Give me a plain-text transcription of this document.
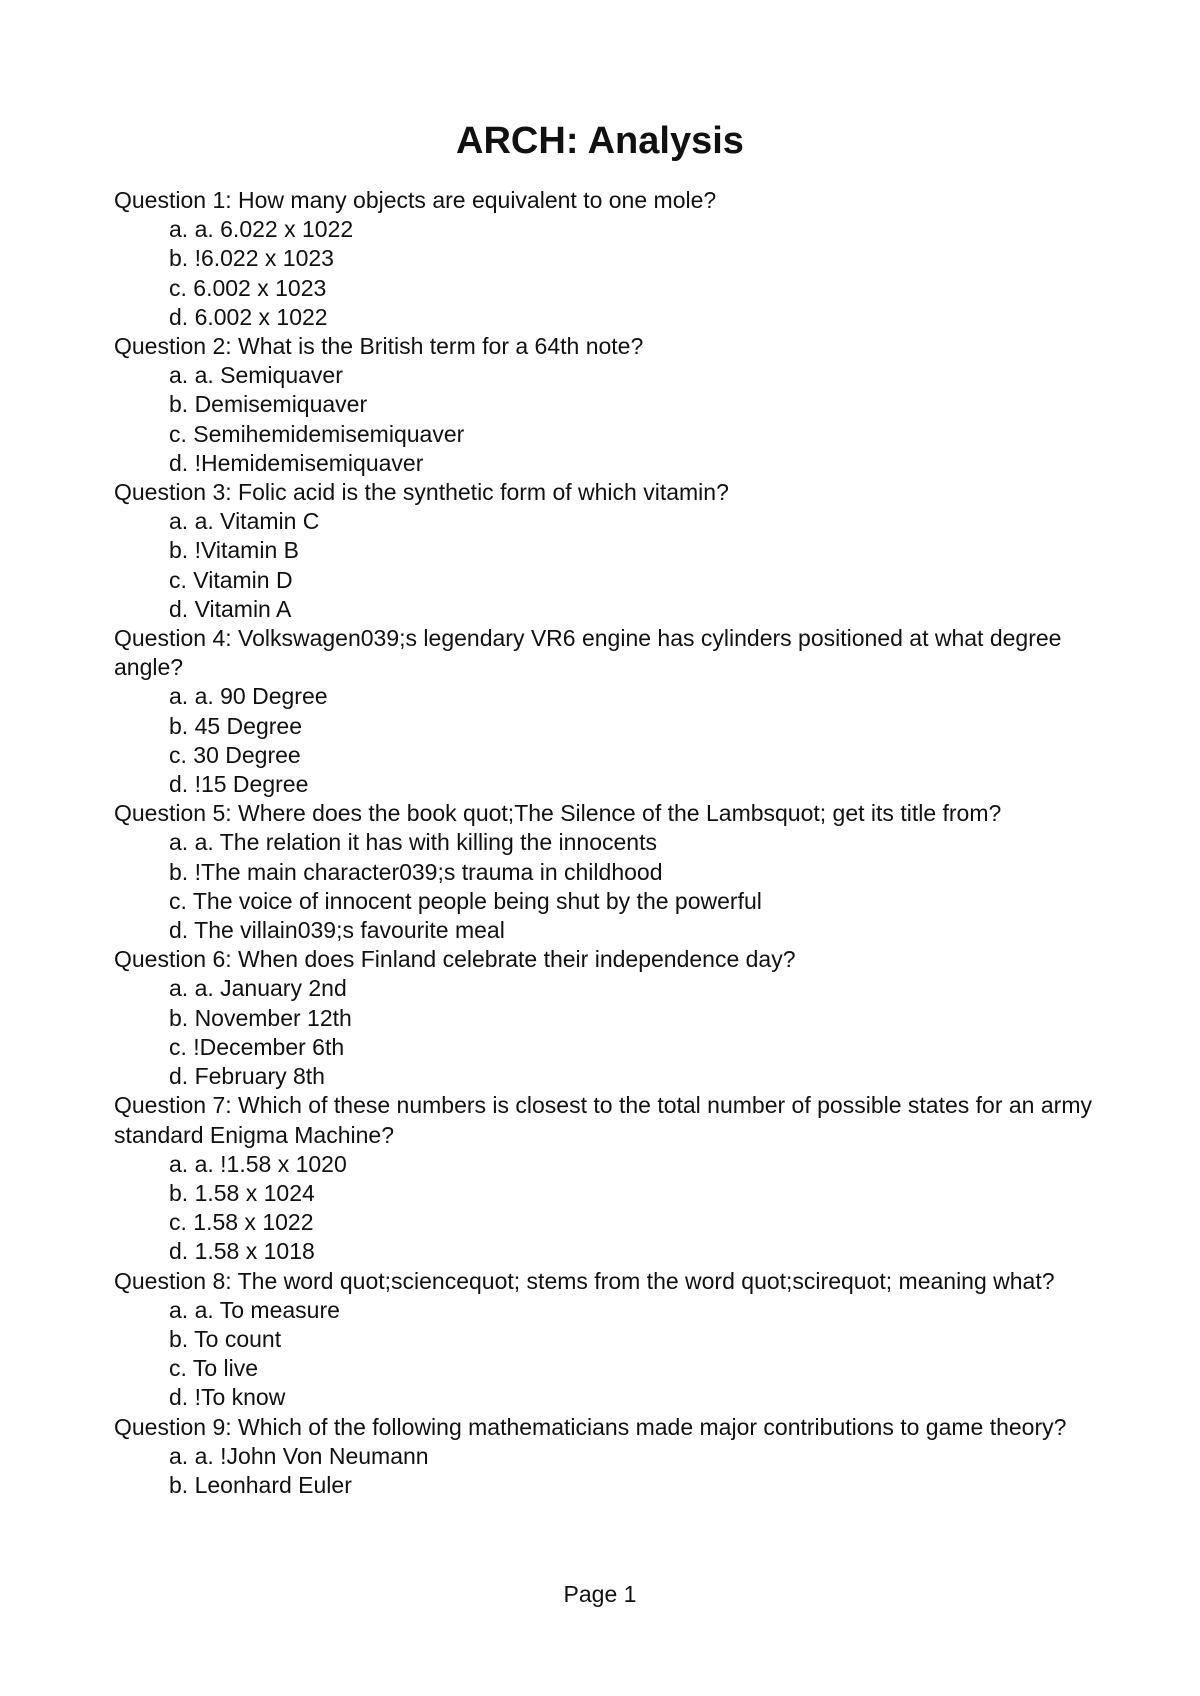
ARCH: Analysis
Question 1: How many objects are equivalent to one mole?
a. a. 6.022 x 1022
b. !6.022 x 1023
c. 6.002 x 1023
d. 6.002 x 1022
Question 2: What is the British term for a 64th note?
a. a. Semiquaver
b. Demisemiquaver
c. Semihemidemisemiquaver
d. !Hemidemisemiquaver
Question 3: Folic acid is the synthetic form of which vitamin?
a. a. Vitamin C
b. !Vitamin B
c. Vitamin D
d. Vitamin A
Question 4: Volkswagen039;s legendary VR6 engine has cylinders positioned at what degree angle?
a. a. 90 Degree
b. 45 Degree
c. 30 Degree
d. !15 Degree
Question 5: Where does the book quot;The Silence of the Lambsquot; get its title from?
a. a. The relation it has with killing the innocents
b. !The main character039;s trauma in childhood
c. The voice of innocent people being shut by the powerful
d. The villain039;s favourite meal
Question 6: When does Finland celebrate their independence day?
a. a. January 2nd
b. November 12th
c. !December 6th
d. February 8th
Question 7: Which of these numbers is closest to the total number of possible states for an army standard Enigma Machine?
a. a. !1.58 x 1020
b. 1.58 x 1024
c. 1.58 x 1022
d. 1.58 x 1018
Question 8: The word quot;sciencequot; stems from the word quot;scirequot; meaning what?
a. a. To measure
b. To count
c. To live
d. !To know
Question 9: Which of the following mathematicians made major contributions to game theory?
a. a. !John Von Neumann
b. Leonhard Euler
Page 1
